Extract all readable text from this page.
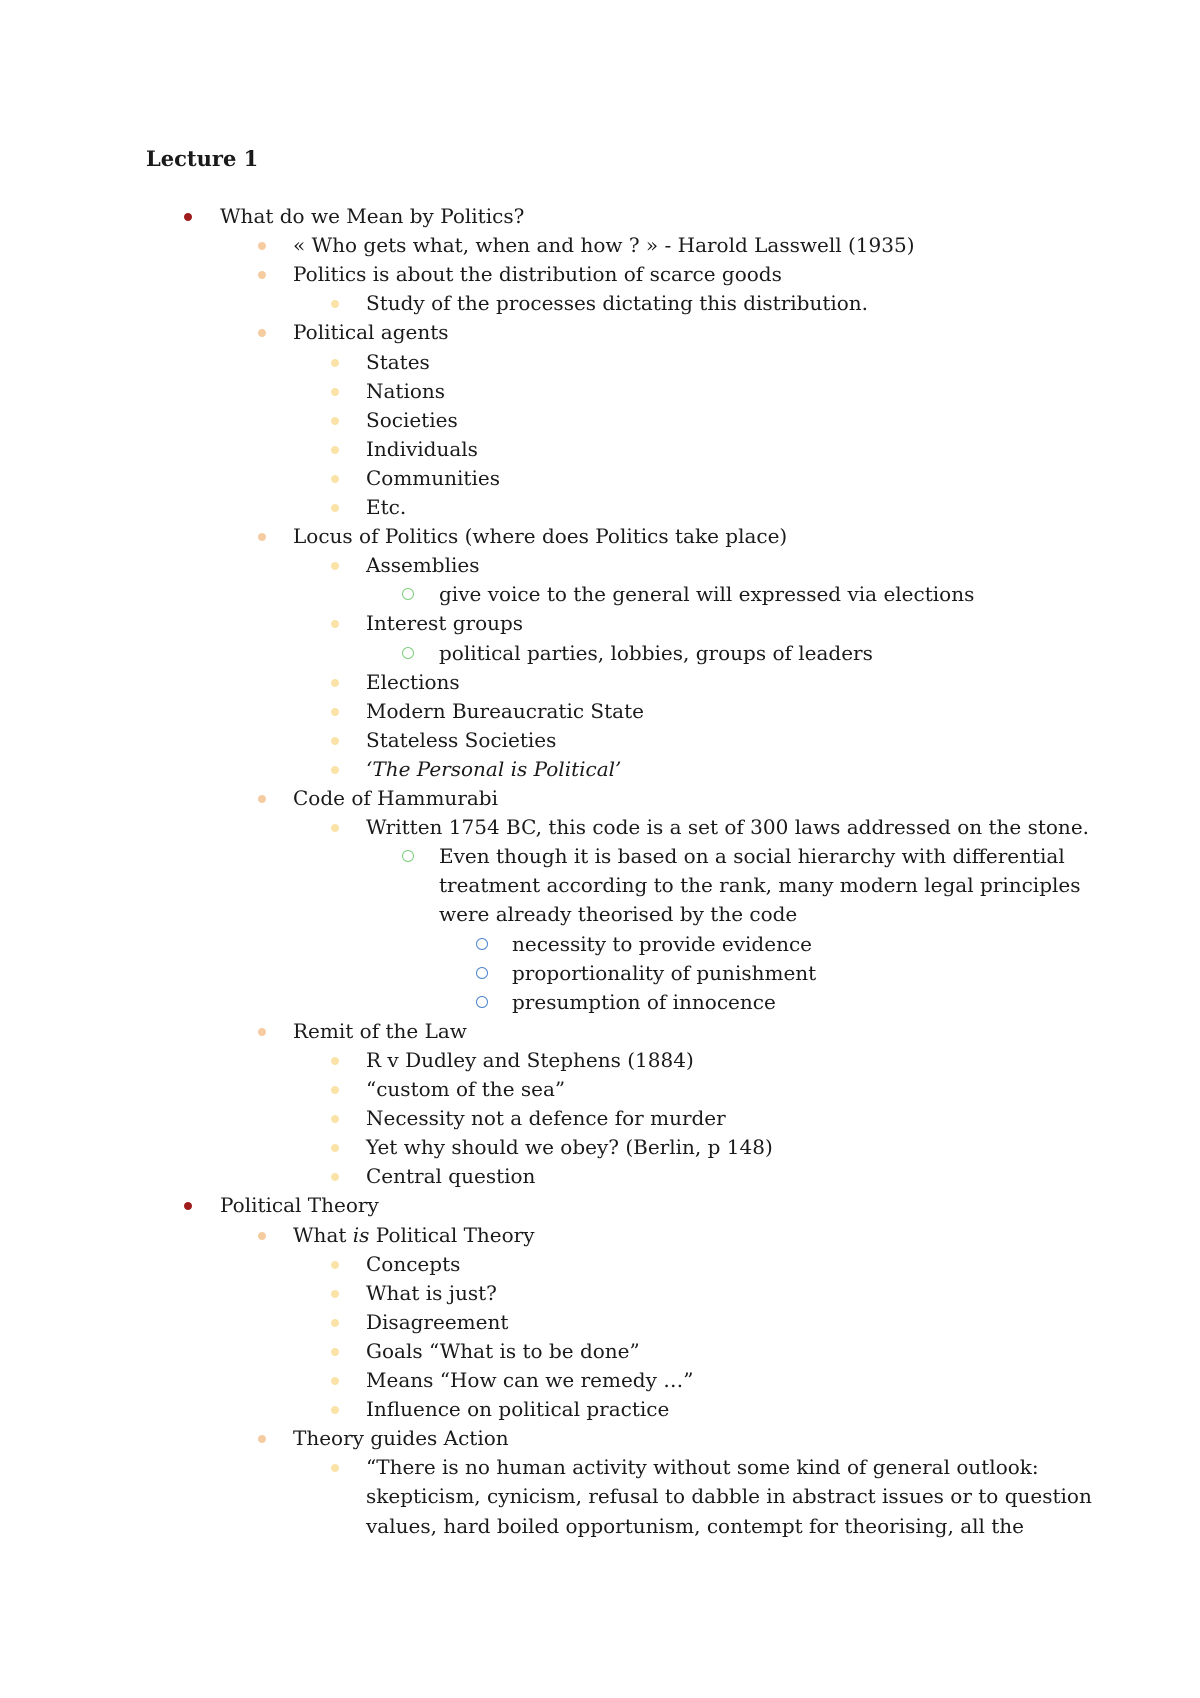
Lecture 1
What do we Mean by Politics?
« Who gets what, when and how ? » - Harold Lasswell (1935)
Politics is about the distribution of scarce goods
Study of the processes dictating this distribution.
Political agents
States
Nations
Societies
Individuals
Communities
Etc.
Locus of Politics (where does Politics take place)
Assemblies
give voice to the general will expressed via elections
Interest groups
political parties, lobbies, groups of leaders
Elections
Modern Bureaucratic State
Stateless Societies
‘The Personal is Political’
Code of Hammurabi
Written 1754 BC, this code is a set of 300 laws addressed on the stone.
Even though it is based on a social hierarchy with differential
treatment according to the rank, many modern legal principles
were already theorised by the code
necessity to provide evidence
proportionality of punishment
presumption of innocence
Remit of the Law
R v Dudley and Stephens (1884)
“custom of the sea”
Necessity not a defence for murder
Yet why should we obey? (Berlin, p 148)
Central question
Political Theory
What is Political Theory
Concepts
What is just?
Disagreement
Goals “What is to be done”
Means “How can we remedy …”
Influence on political practice
Theory guides Action
“There is no human activity without some kind of general outlook:
skepticism, cynicism, refusal to dabble in abstract issues or to question
values, hard boiled opportunism, contempt for theorising, all the
